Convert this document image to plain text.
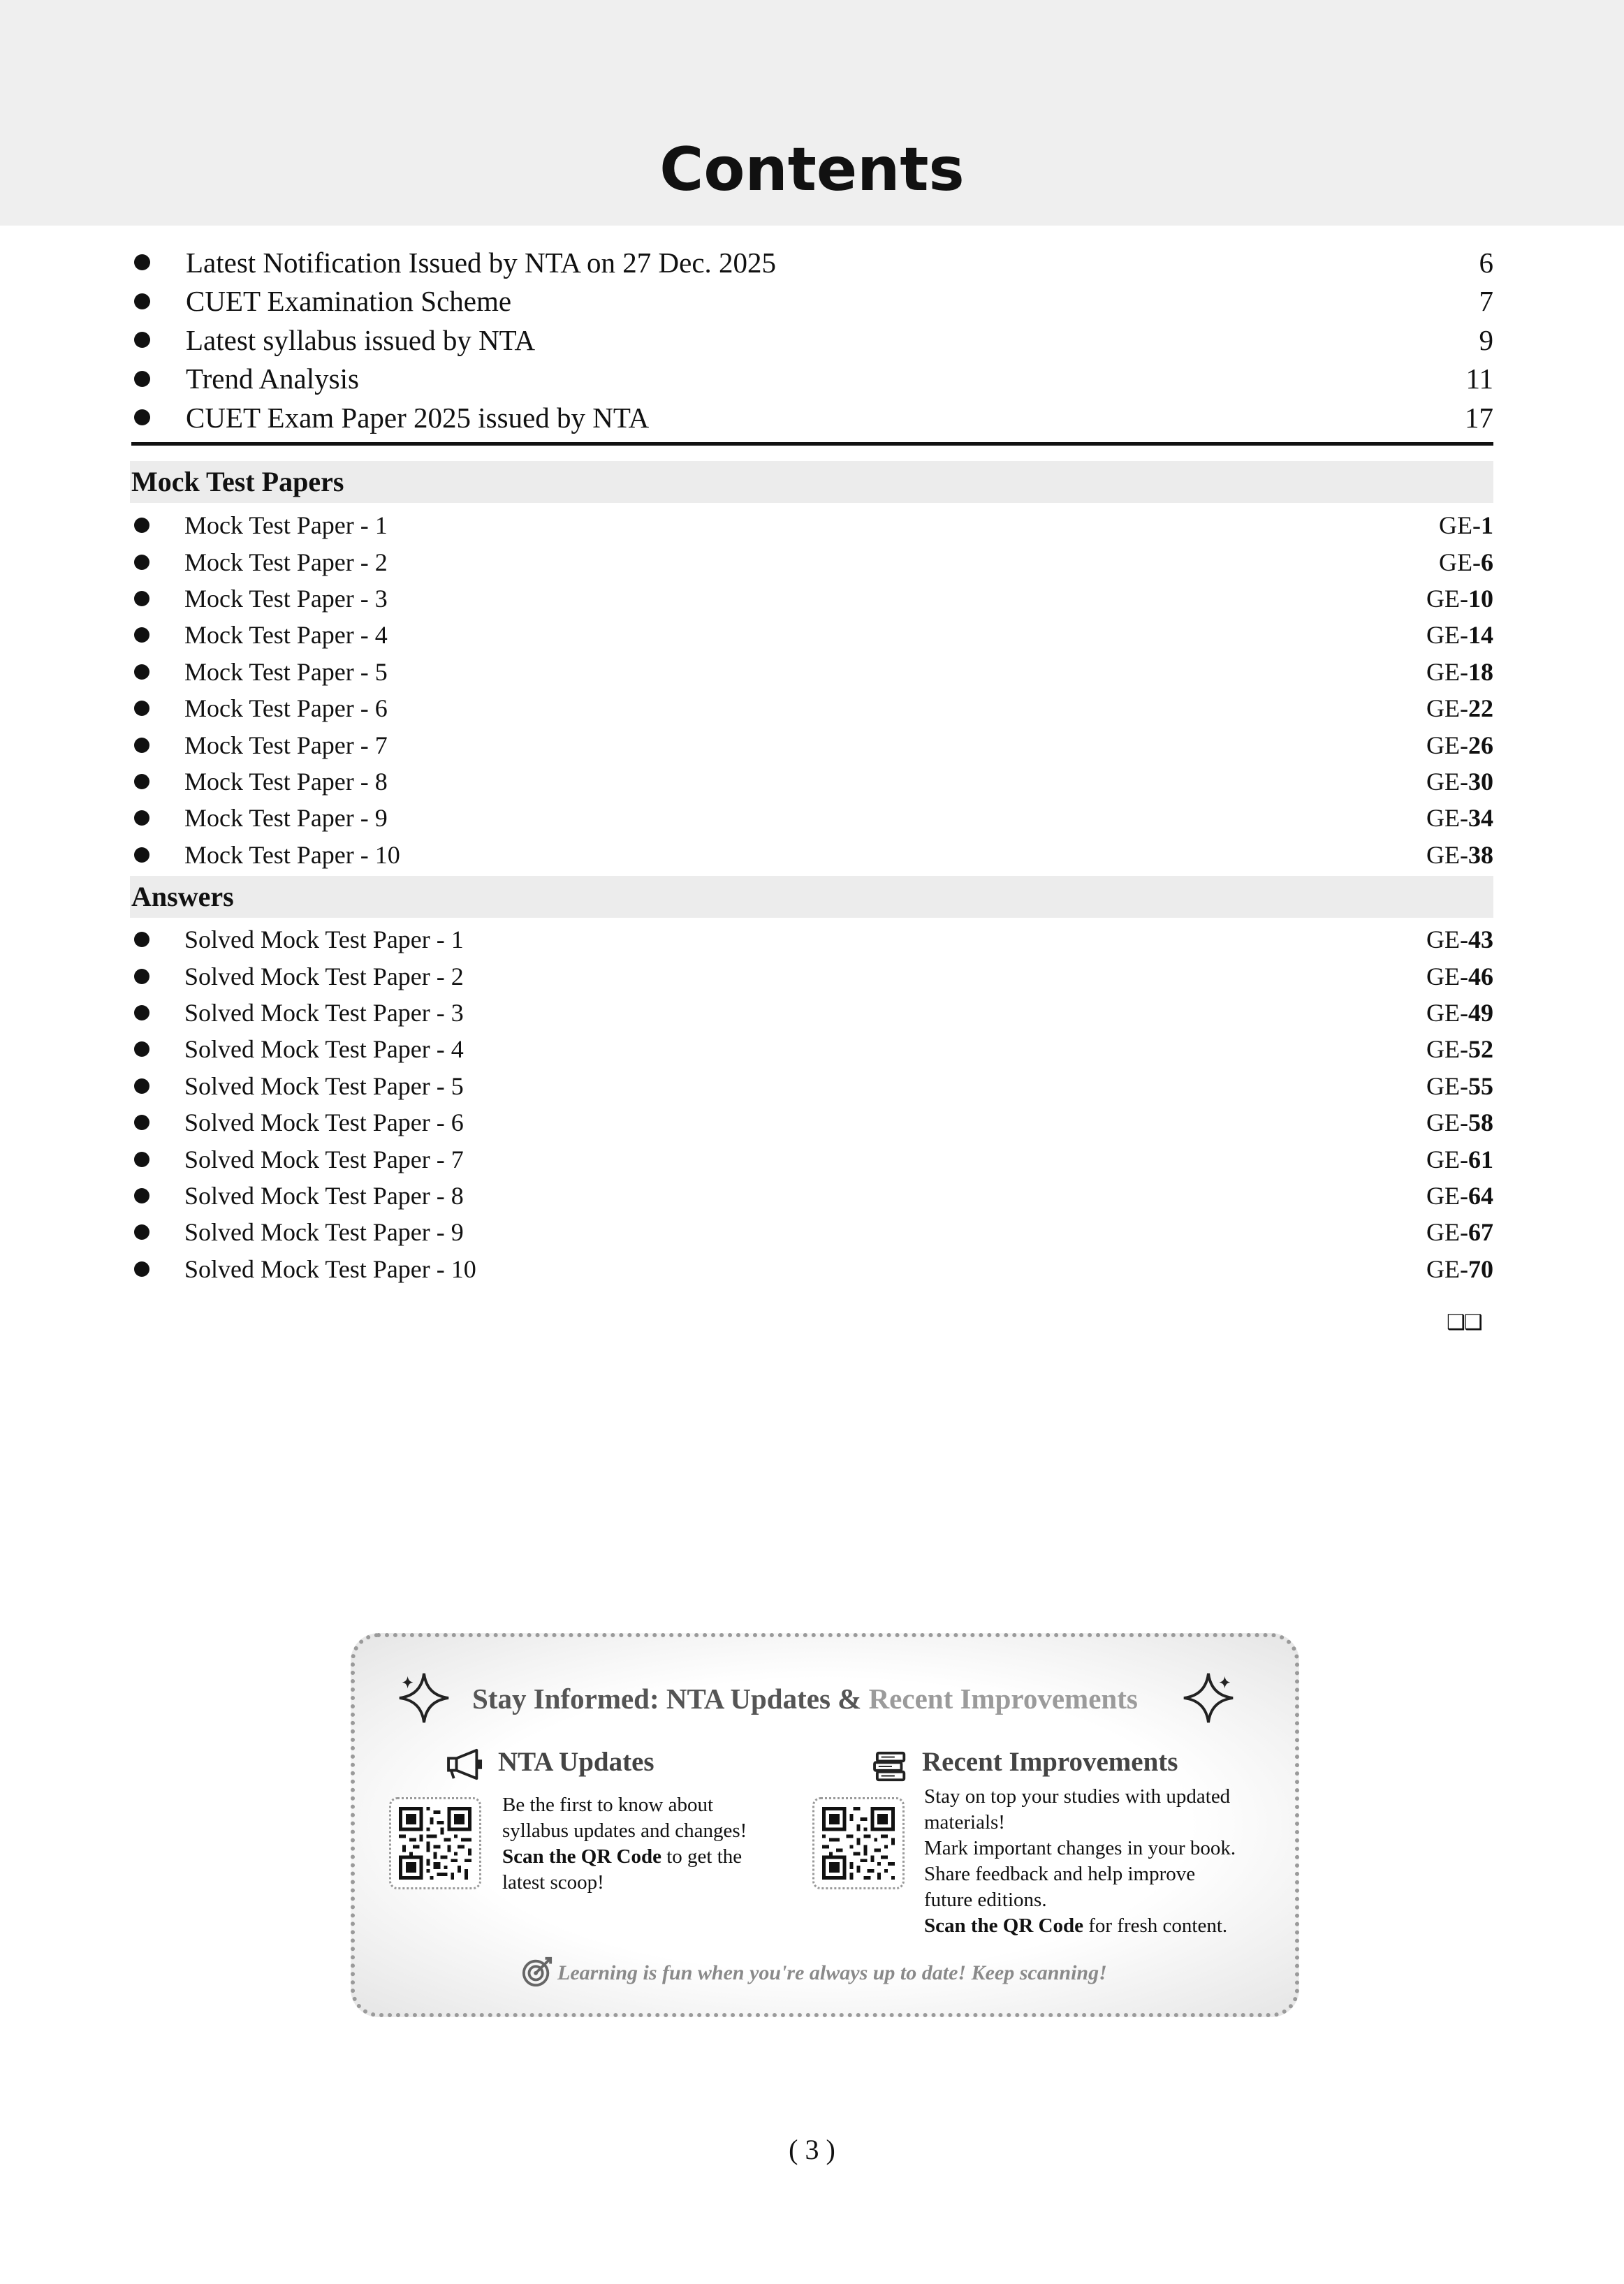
Contents
Latest Notification Issued by NTA on 27 Dec. 2025	6
CUET Examination Scheme	7
Latest syllabus issued by NTA	9
Trend Analysis	11
CUET Exam Paper 2025 issued by NTA	17
Mock Test Papers
Mock Test Paper - 1	GE-1
Mock Test Paper - 2	GE-6
Mock Test Paper - 3	GE-10
Mock Test Paper - 4	GE-14
Mock Test Paper - 5	GE-18
Mock Test Paper - 6	GE-22
Mock Test Paper - 7	GE-26
Mock Test Paper - 8	GE-30
Mock Test Paper - 9	GE-34
Mock Test Paper - 10	GE-38
Answers
Solved Mock Test Paper - 1	GE-43
Solved Mock Test Paper - 2	GE-46
Solved Mock Test Paper - 3	GE-49
Solved Mock Test Paper - 4	GE-52
Solved Mock Test Paper - 5	GE-55
Solved Mock Test Paper - 6	GE-58
Solved Mock Test Paper - 7	GE-61
Solved Mock Test Paper - 8	GE-64
Solved Mock Test Paper - 9	GE-67
Solved Mock Test Paper - 10	GE-70
❑❑
Stay Informed: NTA Updates & Recent Improvements
NTA Updates
Be the first to know about
syllabus updates and changes!
Scan the QR Code to get the
latest scoop!
Recent Improvements
Stay on top your studies with updated
materials!
Mark important changes in your book.
Share feedback and help improve
future editions.
Scan the QR Code for fresh content.
Learning is fun when you're always up to date! Keep scanning!
( 3 )
